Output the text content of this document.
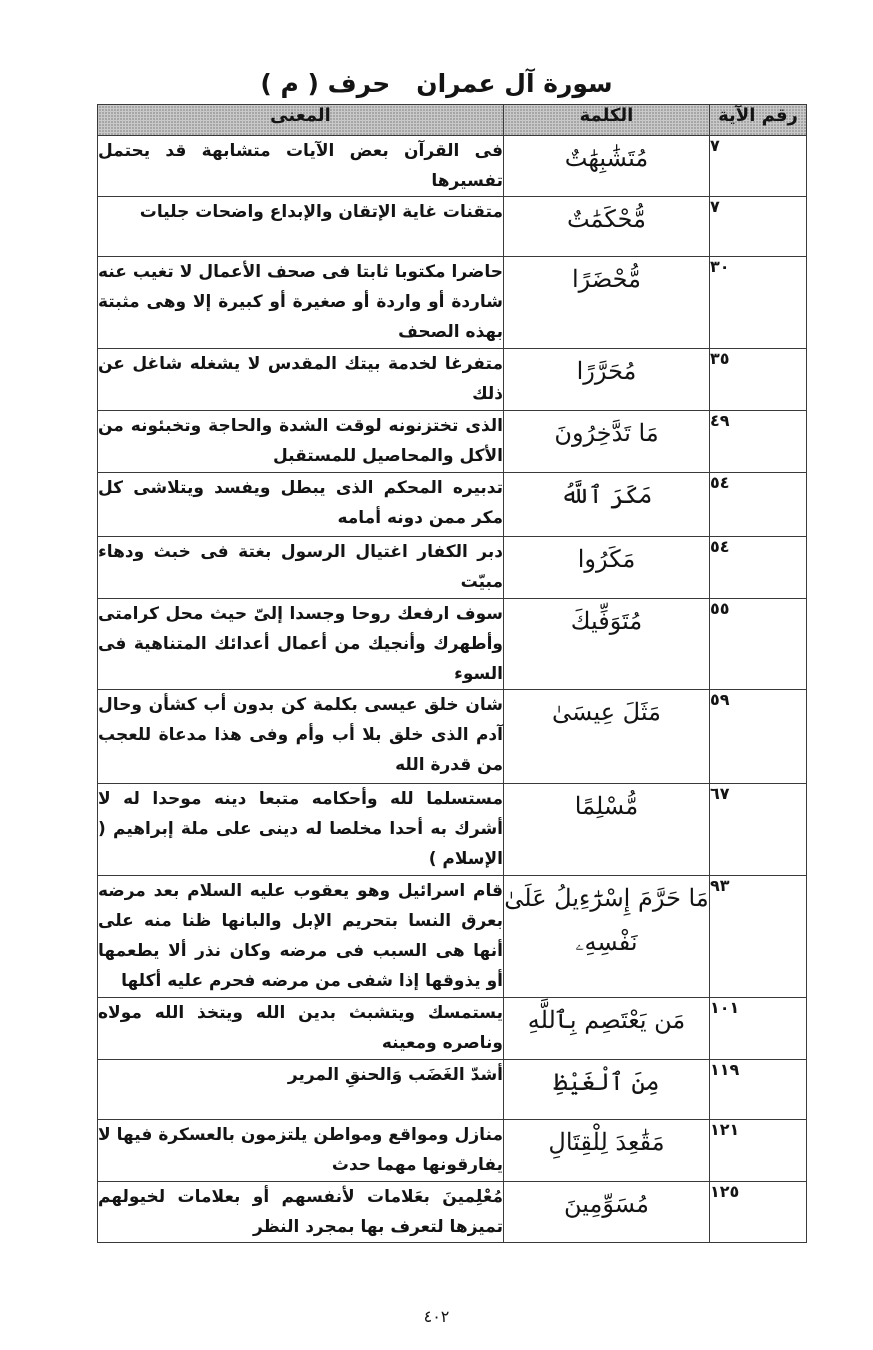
سورة آل عمرانحرف ( م )
رقم الآية	الكلمة	المعنى
٧	مُتَشَٰبِهَٰتٌ	فى القرآن بعض الآيات متشابهة قد يحتمل تفسيرها
٧	مُّحْكَمَٰتٌ	متقنات غاية الإتقان والإبداع واضحات جليات
٣٠	مُّحْضَرًا	حاضرا مكتوبا ثابتا فى صحف الأعمال لا تغيب عنه شاردة أو واردة أو صغيرة أو كبيرة إلا وهى مثبتة بهذه الصحف
٣٥	مُحَرَّرًا	متفرغا لخدمة بيتك المقدس لا يشغله شاغل عن ذلك
٤٩	مَا تَدَّخِرُونَ	الذى تختزنونه لوقت الشدة والحاجة وتخبئونه من الأكل والمحاصيل للمستقبل
٥٤	مَكَرَ ٱللَّهُ	تدبيره المحكم الذى يبطل ويفسد ويتلاشى كل مكر ممن دونه أمامه
٥٤	مَكَرُوا	دبر الكفار اغتيال الرسول بغتة فى خبث ودهاء مبيّت
٥٥	مُتَوَفِّيكَ	سوف ارفعك روحا وجسدا إلىّ حيث محل كرامتى وأطهرك وأنجيك من أعمال أعدائك المتناهية فى السوء
٥٩	مَثَلَ عِيسَىٰ	شان خلق عيسى بكلمة كن بدون أب كشأن وحال آدم الذى خلق بلا أب وأم وفى هذا مدعاة للعجب من قدرة الله
٦٧	مُّسْلِمًا	مستسلما لله وأحكامه متبعا دينه موحدا له لا أشرك به أحدا مخلصا له دينى على ملة إبراهيم ( الإسلام )
٩٣	مَا حَرَّمَ إِسْرَٰٓءِيلُ عَلَىٰ نَفْسِهِۦ	قام اسرائيل وهو يعقوب عليه السلام بعد مرضه بعرق النسا بتحريم الإبل والبانها ظنا منه على أنها هى السبب فى مرضه وكان نذر ألا يطعمها أو يذوقها إذا شفى من مرضه فحرم عليه أكلها
١٠١	مَن يَعْتَصِم بِٱللَّهِ	يستمسك ويتشبث بدين الله ويتخذ الله مولاه وناصره ومعينه
١١٩	مِنَ ٱلْغَيْظِ	أشدّ الغَضَب وَالحنقِ المرير
١٢١	مَقَٰعِدَ لِلْقِتَالِ	منازل ومواقع ومواطن يلتزمون بالعسكرة فيها لا يفارقونها مهما حدث
١٢٥	مُسَوِّمِينَ	مُعْلِمينَ بعَلامات لأنفسهم أو بعلامات لخيولهم تميزها لتعرف بها بمجرد النظر
٤٠٢
